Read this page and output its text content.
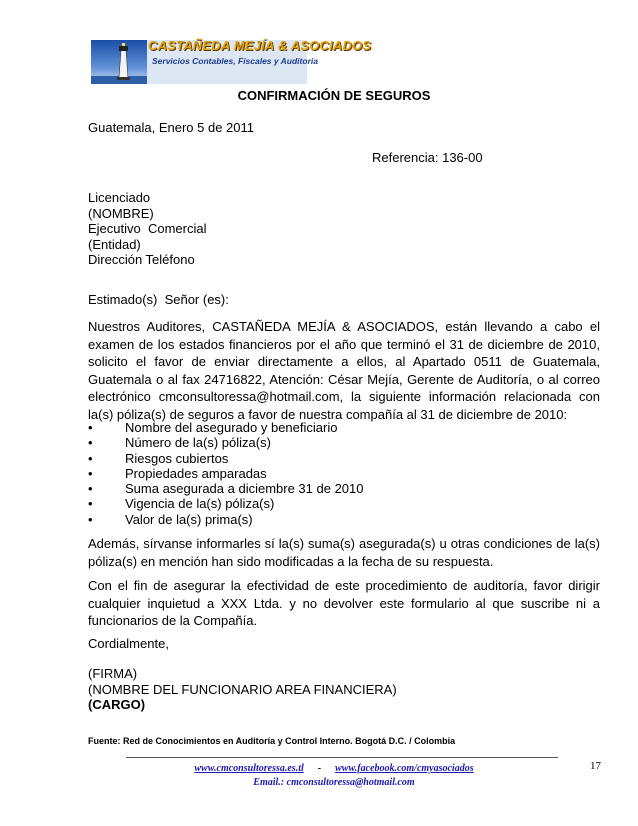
CASTAÑEDA MEJÍA & ASOCIADOS
Servicios Contables, Fiscales y Auditoria
CONFIRMACIÓN DE SEGUROS
Guatemala, Enero 5 de 2011
Referencia: 136-00
Licenciado
(NOMBRE)
Ejecutivo  Comercial
(Entidad)
Dirección Teléfono
Estimado(s)  Señor (es):
Nuestros Auditores, CASTAÑEDA MEJÍA & ASOCIADOS, están llevando a cabo el examen de los estados financieros por el año que terminó el 31 de diciembre de 2010, solicito el favor de enviar directamente a ellos, al Apartado 0511 de Guatemala, Guatemala o al fax 24716822, Atención: César Mejía, Gerente de Auditoría, o al correo electrónico cmconsultoressa@hotmail.com, la siguiente información relacionada con la(s) póliza(s) de seguros a favor de nuestra compañía al 31 de diciembre de 2010:
•	Nombre del asegurado y beneficiario
•	Número de la(s) póliza(s)
•	Riesgos cubiertos
•	Propiedades amparadas
•	Suma asegurada a diciembre 31 de 2010
•	Vigencia de la(s) póliza(s)
•	Valor de la(s) prima(s)
Además, sírvanse informarles sí la(s) suma(s) asegurada(s) u otras condiciones de la(s) póliza(s) en mención han sido modificadas a la fecha de su respuesta.
Con el fin de asegurar la efectividad de este procedimiento de auditoría, favor dirigir cualquier inquietud a XXX Ltda. y no devolver este formulario al que suscribe ni a funcionarios de la Compañía.
Cordialmente,
(FIRMA)
(NOMBRE DEL FUNCIONARIO AREA FINANCIERA)
(CARGO)
Fuente: Red de Conocimientos en Auditoría y Control Interno. Bogotá D.C. / Colombia
17
www.cmconsultoressa.es.tl - www.facebook.com/cmyasociados
Email.: cmconsultoressa@hotmail.com
